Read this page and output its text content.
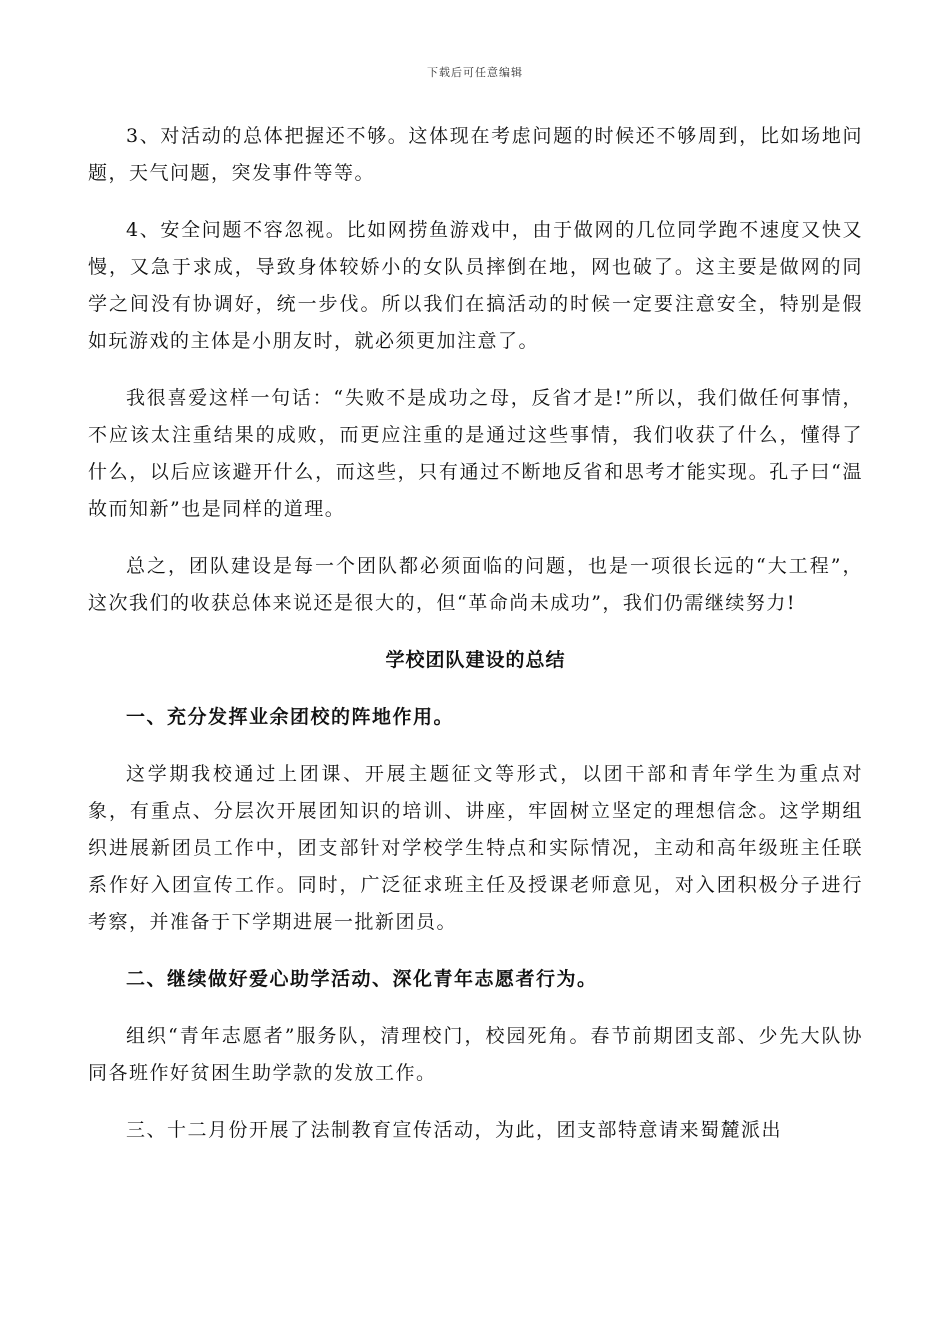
下载后可任意编辑

3、对活动的总体把握还不够。这体现在考虑问题的时候还不够周到，比如场地问题，天气问题，突发事件等等。

4、安全问题不容忽视。比如网捞鱼游戏中，由于做网的几位同学跑不速度又快又慢，又急于求成，导致身体较娇小的女队员摔倒在地，网也破了。这主要是做网的同学之间没有协调好，统一步伐。所以我们在搞活动的时候一定要注意安全，特别是假如玩游戏的主体是小朋友时，就必须更加注意了。

我很喜爱这样一句话：“失败不是成功之母，反省才是!”所以，我们做任何事情，不应该太注重结果的成败，而更应注重的是通过这些事情，我们收获了什么，懂得了什么，以后应该避开什么，而这些，只有通过不断地反省和思考才能实现。孔子曰“温故而知新”也是同样的道理。

总之，团队建设是每一个团队都必须面临的问题，也是一项很长远的“大工程”，这次我们的收获总体来说还是很大的，但“革命尚未成功”，我们仍需继续努力!

学校团队建设的总结
一、充分发挥业余团校的阵地作用。

这学期我校通过上团课、开展主题征文等形式，以团干部和青年学生为重点对象，有重点、分层次开展团知识的培训、讲座，牢固树立坚定的理想信念。这学期组织进展新团员工作中，团支部针对学校学生特点和实际情况，主动和高年级班主任联系作好入团宣传工作。同时，广泛征求班主任及授课老师意见，对入团积极分子进行考察，并准备于下学期进展一批新团员。

二、继续做好爱心助学活动、深化青年志愿者行为。

组织“青年志愿者”服务队，清理校门，校园死角。春节前期团支部、少先大队协同各班作好贫困生助学款的发放工作。

三、十二月份开展了法制教育宣传活动，为此，团支部特意请来蜀麓派出
